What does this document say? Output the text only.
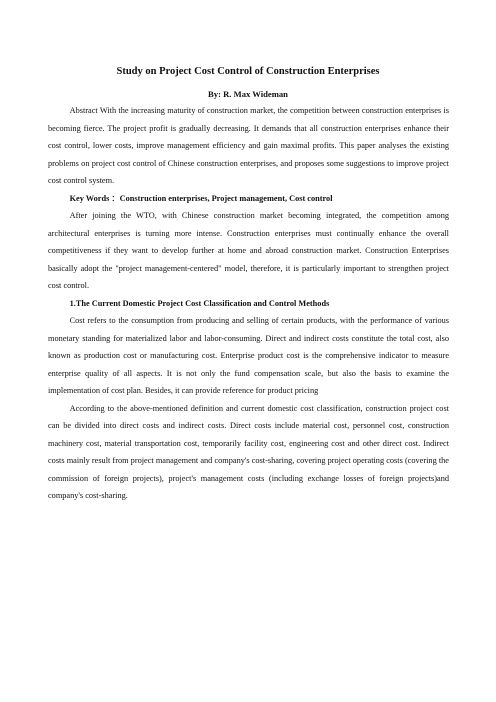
Study on Project Cost Control of Construction Enterprises
By: R. Max Wideman

Abstract With the increasing maturity of construction market, the competition between construction enterprises is becoming fierce. The project profit is gradually decreasing. It demands that all construction enterprises enhance their cost control, lower costs, improve management efficiency and gain maximal profits. This paper analyses the existing problems on project cost control of Chinese construction enterprises, and proposes some suggestions to improve project cost control system.

Key Words ：Construction enterprises, Project management, Cost control

After joining the WTO, with Chinese construction market becoming integrated, the competition among architectural enterprises is turning more intense. Construction enterprises must continually enhance the overall competitiveness if they want to develop further at home and abroad construction market. Construction Enterprises basically adopt the "project management-centered" model, therefore, it is particularly important to strengthen project cost control.

1.The Current Domestic Project Cost Classification and Control Methods

Cost refers to the consumption from producing and selling of certain products, with the performance of various monetary standing for materialized labor and labor-consuming. Direct and indirect costs constitute the total cost, also known as production cost or manufacturing cost. Enterprise product cost is the comprehensive indicator to measure enterprise quality of all aspects. It is not only the fund compensation scale, but also the basis to examine the implementation of cost plan. Besides, it can provide reference for product pricing

According to the above-mentioned definition and current domestic cost classification, construction project cost can be divided into direct costs and indirect costs. Direct costs include material cost, personnel cost, construction machinery cost, material transportation cost, temporarily facility cost, engineering cost and other direct cost. Indirect costs mainly result from project management and company's cost-sharing, covering project operating costs (covering the commission of foreign projects), project's management costs (including exchange losses of foreign projects)and company's cost-sharing.
